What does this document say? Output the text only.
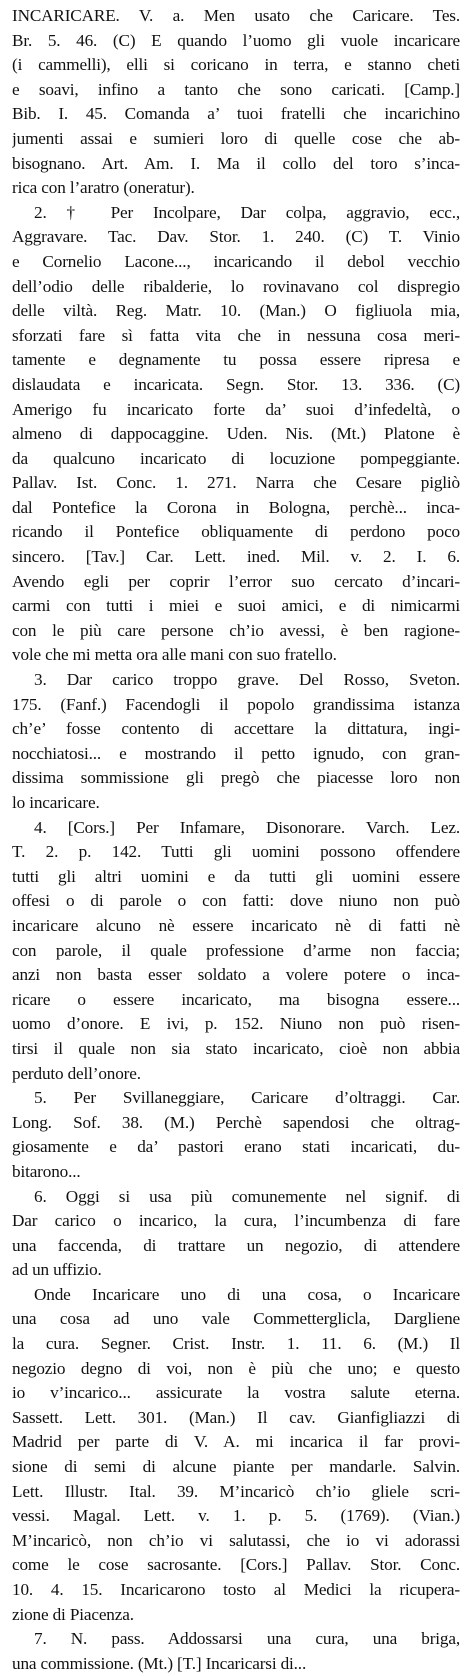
INCARICARE. V. a. Men usato che Caricare. Tes.
Br. 5. 46. (C) E quando l’uomo gli vuole incaricare
(i cammelli), elli si coricano in terra, e stanno cheti
e soavi, infino a tanto che sono caricati. [Camp.]
Bib. I. 45. Comanda a’ tuoi fratelli che incarichino
jumenti assai e sumieri loro di quelle cose che ab-
bisognano. Art. Am. I. Ma il collo del toro s’inca-
rica con l’aratro (oneratur).
2. † Per Incolpare, Dar colpa, aggravio, ecc.,
Aggravare. Tac. Dav. Stor. 1. 240. (C) T. Vinio
e Cornelio Lacone..., incaricando il debol vecchio
dell’odio delle ribalderie, lo rovinavano col dispregio
delle viltà. Reg. Matr. 10. (Man.) O figliuola mia,
sforzati fare sì fatta vita che in nessuna cosa meri-
tamente e degnamente tu possa essere ripresa e
dislaudata e incaricata. Segn. Stor. 13. 336. (C)
Amerigo fu incaricato forte da’ suoi d’infedeltà, o
almeno di dappocaggine. Uden. Nis. (Mt.) Platone è
da qualcuno incaricato di locuzione pompeggiante.
Pallav. Ist. Conc. 1. 271. Narra che Cesare pigliò
dal Pontefice la Corona in Bologna, perchè... inca-
ricando il Pontefice obliquamente di perdono poco
sincero. [Tav.] Car. Lett. ined. Mil. v. 2. I. 6.
Avendo egli per coprir l’error suo cercato d’incari-
carmi con tutti i miei e suoi amici, e di nimicarmi
con le più care persone ch’io avessi, è ben ragione-
vole che mi metta ora alle mani con suo fratello.
3. Dar carico troppo grave. Del Rosso, Sveton.
175. (Fanf.) Facendogli il popolo grandissima istanza
ch’e’ fosse contento di accettare la dittatura, ingi-
nocchiatosi... e mostrando il petto ignudo, con gran-
dissima sommissione gli pregò che piacesse loro non
lo incaricare.
4. [Cors.] Per Infamare, Disonorare. Varch. Lez.
T. 2. p. 142. Tutti gli uomini possono offendere
tutti gli altri uomini e da tutti gli uomini essere
offesi o di parole o con fatti: dove niuno non può
incaricare alcuno nè essere incaricato nè di fatti nè
con parole, il quale professione d’arme non faccia;
anzi non basta esser soldato a volere potere o inca-
ricare o essere incaricato, ma bisogna essere...
uomo d’onore. E ivi, p. 152. Niuno non può risen-
tirsi il quale non sia stato incaricato, cioè non abbia
perduto dell’onore.
5. Per Svillaneggiare, Caricare d’oltraggi. Car.
Long. Sof. 38. (M.) Perchè sapendosi che oltrag-
giosamente e da’ pastori erano stati incaricati, du-
bitarono...
6. Oggi si usa più comunemente nel signif. di
Dar carico o incarico, la cura, l’incumbenza di fare
una faccenda, di trattare un negozio, di attendere
ad un uffizio.
Onde Incaricare uno di una cosa, o Incaricare
una cosa ad uno vale Commetterglicla, Dargliene
la cura. Segner. Crist. Instr. 1. 11. 6. (M.) Il
negozio degno di voi, non è più che uno; e questo
io v’incarico... assicurate la vostra salute eterna.
Sassett. Lett. 301. (Man.) Il cav. Gianfigliazzi di
Madrid per parte di V. A. mi incarica il far provi-
sione di semi di alcune piante per mandarle. Salvin.
Lett. Illustr. Ital. 39. M’incaricò ch’io gliele scri-
vessi. Magal. Lett. v. 1. p. 5. (1769). (Vian.)
M’incaricò, non ch’io vi salutassi, che io vi adorassi
come le cose sacrosante. [Cors.] Pallav. Stor. Conc.
10. 4. 15. Incaricarono tosto al Medici la ricupera-
zione di Piacenza.
7. N. pass. Addossarsi una cura, una briga,
una commissione. (Mt.) [T.] Incaricarsi di...
